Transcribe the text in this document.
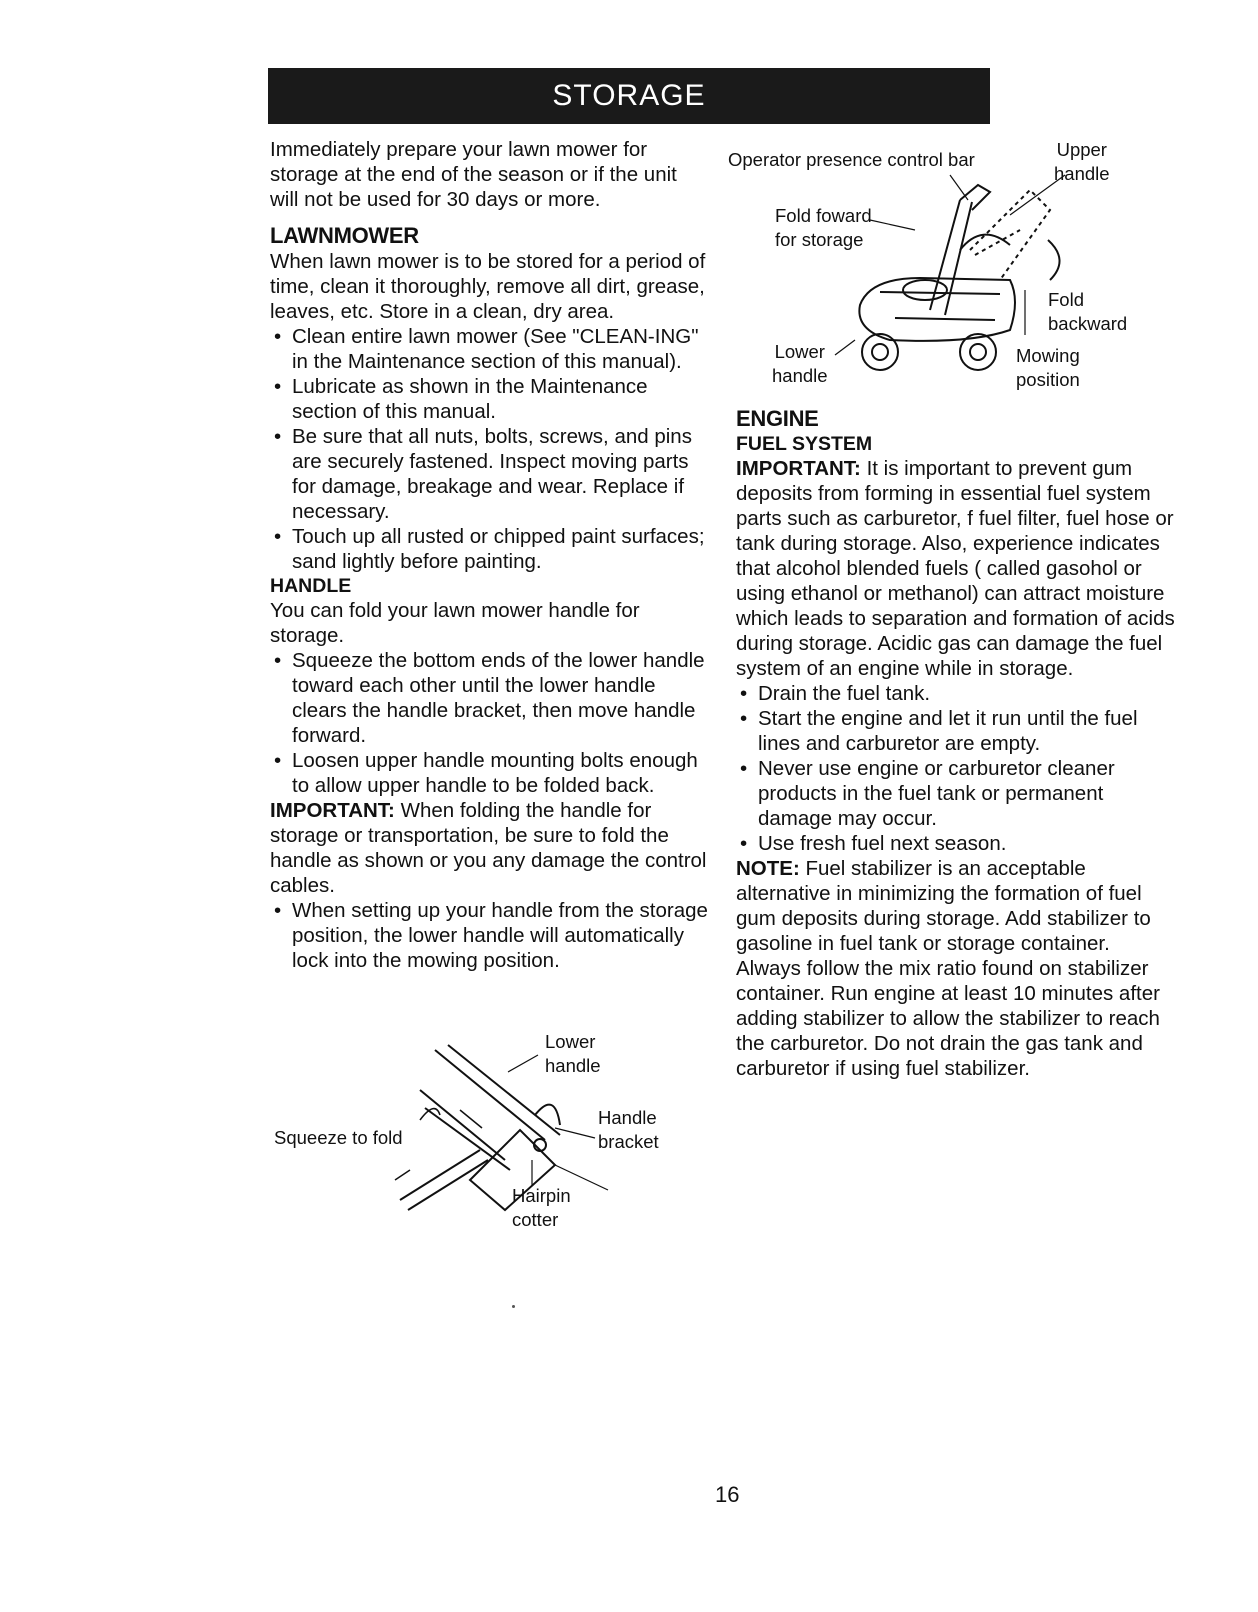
STORAGE

Immediately prepare your lawn mower for storage at the end of the season or if the unit will not be used for 30 days or more.

LAWNMOWER

When lawn mower is to be stored for a period of time, clean it thoroughly, remove all dirt, grease, leaves, etc. Store in a clean, dry area.

• Clean entire lawn mower (See "CLEAN-ING" in the Maintenance section of this manual).
• Lubricate as shown in the Maintenance section of this manual.
• Be sure that all nuts, bolts, screws, and pins are securely fastened. Inspect moving parts for damage, breakage and wear. Replace if necessary.
• Touch up all rusted or chipped paint surfaces; sand lightly before painting.
HANDLE

You can fold your lawn mower handle for storage.

• Squeeze the bottom ends of the lower handle toward each other until the lower handle clears the handle bracket, then move handle forward.
• Loosen upper handle mounting bolts enough to allow upper handle to be folded back.

IMPORTANT: When folding the handle for storage or transportation, be sure to fold the handle as shown or you any damage the control cables.

• When setting up your handle from the storage position, the lower handle will automatically lock into the mowing position.
Operator presence control bar	Upper
handle
Fold foward
for storage
Fold
backward
Lower
handle
Mowing
position
ENGINE
FUEL SYSTEM

IMPORTANT: It is important to prevent gum deposits from forming in essential fuel system parts such as carburetor, f fuel filter, fuel hose or tank during storage. Also, experience indicates that alcohol blended fuels ( called gasohol or using ethanol or methanol) can attract moisture which leads to separation and formation of acids during storage. Acidic gas can damage the fuel system of an engine while in storage.

• Drain the fuel tank.
• Start the engine and let it run until the fuel lines and carburetor are empty.
• Never use engine or carburetor cleaner products in the fuel tank or permanent damage may occur.
• Use fresh fuel next season.

NOTE: Fuel stabilizer is an acceptable alternative in minimizing the formation of fuel gum deposits during storage. Add stabilizer to gasoline in fuel tank or storage container. Always follow the mix ratio found on stabilizer container. Run engine at least 10 minutes after adding stabilizer to allow the stabilizer to reach the carburetor. Do not drain the gas tank and carburetor if using fuel stabilizer.

Lower
handle
Squeeze to fold
Handle
bracket
Hairpin
cotter
16
